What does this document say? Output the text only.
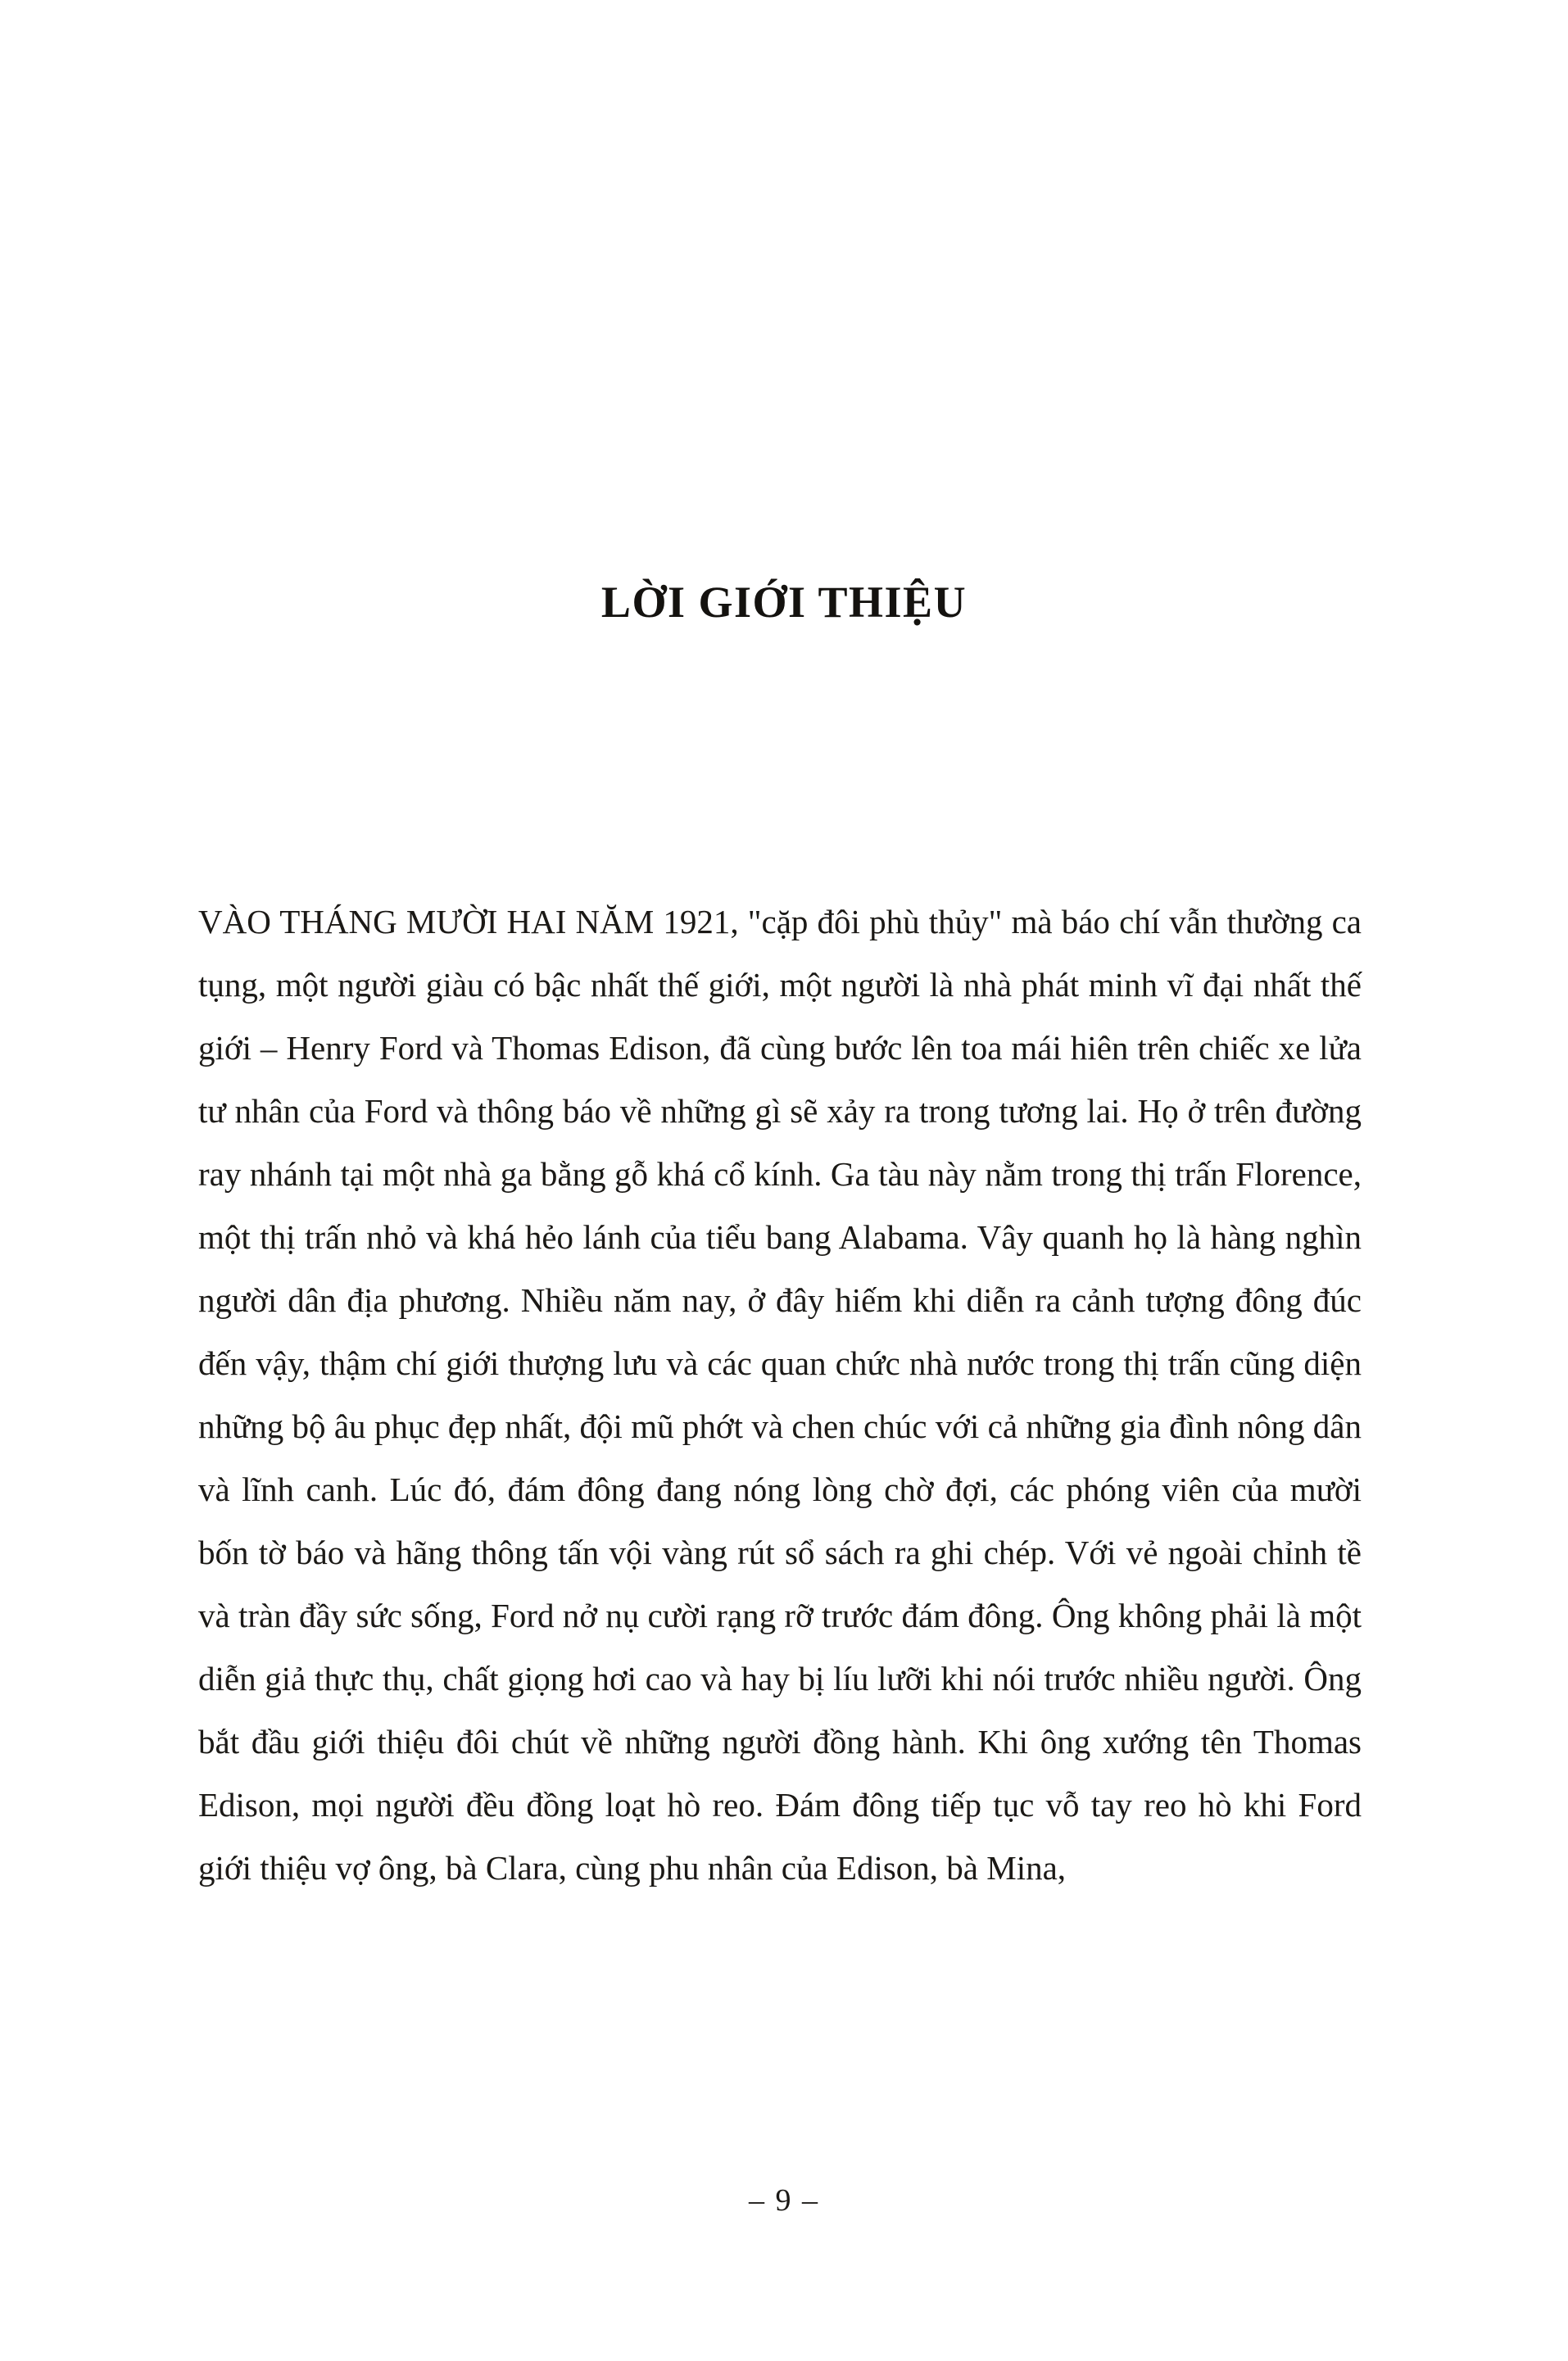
LỜI GIỚI THIỆU

VÀO THÁNG MƯỜI HAI NĂM 1921, "cặp đôi phù thủy" mà báo chí vẫn thường ca tụng, một người giàu có bậc nhất thế giới, một người là nhà phát minh vĩ đại nhất thế giới – Henry Ford và Thomas Edison, đã cùng bước lên toa mái hiên trên chiếc xe lửa tư nhân của Ford và thông báo về những gì sẽ xảy ra trong tương lai. Họ ở trên đường ray nhánh tại một nhà ga bằng gỗ khá cổ kính. Ga tàu này nằm trong thị trấn Florence, một thị trấn nhỏ và khá hẻo lánh của tiểu bang Alabama. Vây quanh họ là hàng nghìn người dân địa phương. Nhiều năm nay, ở đây hiếm khi diễn ra cảnh tượng đông đúc đến vậy, thậm chí giới thượng lưu và các quan chức nhà nước trong thị trấn cũng diện những bộ âu phục đẹp nhất, đội mũ phớt và chen chúc với cả những gia đình nông dân và lĩnh canh. Lúc đó, đám đông đang nóng lòng chờ đợi, các phóng viên của mười bốn tờ báo và hãng thông tấn vội vàng rút sổ sách ra ghi chép. Với vẻ ngoài chỉnh tề và tràn đầy sức sống, Ford nở nụ cười rạng rỡ trước đám đông. Ông không phải là một diễn giả thực thụ, chất giọng hơi cao và hay bị líu lưỡi khi nói trước nhiều người. Ông bắt đầu giới thiệu đôi chút về những người đồng hành. Khi ông xướng tên Thomas Edison, mọi người đều đồng loạt hò reo. Đám đông tiếp tục vỗ tay reo hò khi Ford giới thiệu vợ ông, bà Clara, cùng phu nhân của Edison, bà Mina,

– 9 –
